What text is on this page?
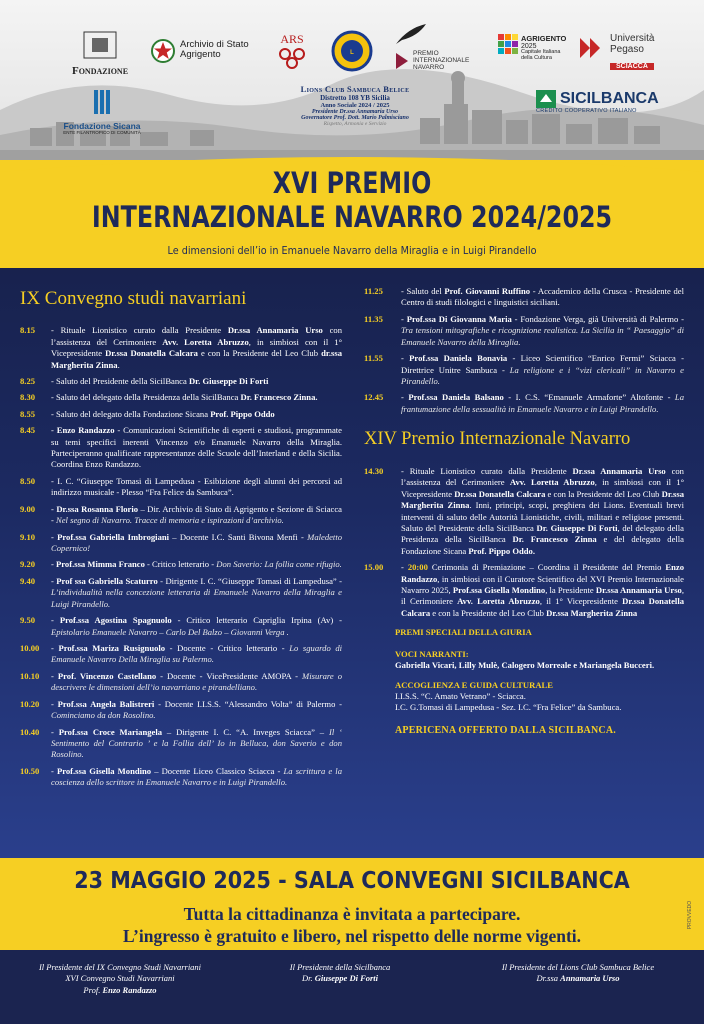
Fondazione
Fondazione Sicana
ENTE FILANTROPICO DI COMUNITÀ
Archivio di Stato
Agrigento
ARS
L	PREMIO
INTERNAZIONALE
NAVARRO
AGRIGENTO
2025
Capitale Italiana
della Cultura
Università
Pegaso
SCIACCA
SICILBANCA
CREDITO COOPERATIVO ITALIANO
Lions Club Sambuca Belice
Distretto 108 YB Sicilia
Anno Sociale 2024 / 2025
Presidente Dr.ssa Annamaria Urso
Governatore Prof. Dott. Mario Palmisciano
Rispetto, Armonia e Servizio
XVI PREMIO
INTERNAZIONALE NAVARRO 2024/2025
Le dimensioni dell’io in Emanuele Navarro della Miraglia e in Luigi Pirandello
IX Convegno studi navarriani
8.15	- Rituale Lionistico curato dalla Presidente Dr.ssa Annamaria Urso con l’assistenza del Cerimoniere Avv. Loretta Abruzzo, in simbiosi con il 1° Vicepresidente Dr.ssa Donatella Calcara e con la Presidente del Leo Club dr.ssa Margherita Zinna.
8.25	- Saluto del Presidente della SicilBanca Dr. Giuseppe Di Forti
8.30	- Saluto del delegato della Presidenza della SicilBanca Dr. Francesco Zinna.
8.55	- Saluto del delegato della Fondazione Sicana Prof. Pippo Oddo
8.45	- Enzo Randazzo - Comunicazioni Scientifiche di esperti e studiosi, programmate su temi specifici inerenti Vincenzo e/o Emanuele Navarro della Miraglia. Parteciperanno qualificate rappresentanze delle Scuole dell’Interland e della Sicilia. Coordina Enzo Randazzo.
8.50	- I. C. “Giuseppe Tomasi di Lampedusa - Esibizione degli alunni dei percorsi ad indirizzo musicale - Plesso “Fra Felice da Sambuca”.
9.00	- Dr.ssa Rosanna Florio – Dir. Archivio di Stato di Agrigento e Sezione di Sciacca - Nel segno di Navarro. Tracce di memoria e ispirazioni d’archivio.
9.10	- Prof.ssa Gabriella Imbrogiani – Docente I.C. Santi Bivona Menfi - Maledetto Copernico!
9.20	- Prof.ssa Mimma Franco - Critico letterario - Don Saverio: La follia come rifugio.
9.40	- Prof ssa Gabriella Scaturro - Dirigente I. C. “Giuseppe Tomasi di Lampedusa” - L’individualità nella concezione letteraria di Emanuele Navarro della Miraglia e Luigi Pirandello.
9.50	- Prof.ssa Agostina Spagnuolo - Critico letterario Capriglia Irpina (Av) - Epistolario Emanuele Navarro – Carlo Del Balzo – Giovanni Verga .
10.00	- Prof.ssa Mariza Rusignuolo - Docente - Critico letterario - Lo sguardo di Emanuele Navarro Della Miraglia su Palermo.
10.10	- Prof. Vincenzo Castellano - Docente - VicePresidente AMOPA - Misurare o descrivere le dimensioni dell’io navarriano e pirandelliano.
10.20	- Prof.ssa Angela Balistreri - Docente I.I.S.S. “Alessandro Volta” di Palermo - Cominciamo da don Rosolino.
10.40	- Prof.ssa Croce Mariangela – Dirigente I. C. “A. Inveges Sciacca” – Il ‘ Sentimento del Contrario ’ e la Follia dell’ Io in Belluca, don Saverio e don Rosolino.
10.50	- Prof.ssa Gisella Mondino – Docente Liceo Classico Sciacca - La scrittura e la coscienza dello scrittore in Emanuele Navarro e in Luigi Pirandello.
11.25	- Saluto del Prof. Giovanni Ruffino - Accademico della Crusca - Presidente del Centro di studi filologici e linguistici siciliani.
11.35	- Prof.ssa Di Giovanna Maria - Fondazione Verga, già Università di Palermo - Tra tensioni mitografiche e ricognizione realistica. La Sicilia in “ Paesaggio” di Emanuele Navarro della Miraglia.
11.55	- Prof.ssa Daniela Bonavia - Liceo Scientifico “Enrico Fermi” Sciacca - Direttrice Unitre Sambuca - La religione e i “vizi clericali” in Navarro e Pirandello.
12.45	- Prof.ssa Daniela Balsano - I. C.S. “Emanuele Armaforte” Altofonte - La frantumazione della sessualità in Emanuele Navarro e in Luigi Pirandello.
XIV Premio Internazionale Navarro
14.30	- Rituale Lionistico curato dalla Presidente Dr.ssa Annamaria Urso con l’assistenza del Cerimoniere Avv. Loretta Abruzzo, in simbiosi con il 1° Vicepresidente Dr.ssa Donatella Calcara e con la Presidente del Leo Club Dr.ssa Margherita Zinna. Inni, principi, scopi, preghiera dei Lions. Eventuali brevi interventi di saluto delle Autorità Lionistiche, civili, militari e religiose presenti. Saluto del Presidente della SicilBanca Dr. Giuseppe Di Forti, del delegato della Presidenza della SicilBanca Dr. Francesco Zinna e del delegato della Fondazione Sicana Prof. Pippo Oddo.
15.00	- 20:00 Cerimonia di Premiazione – Coordina il Presidente del Premio Enzo Randazzo, in simbiosi con il Curatore Scientifico del XVI Premio Internazionale Navarro 2025, Prof.ssa Gisella Mondino, la Presidente Dr.ssa Annamaria Urso, il Cerimoniere Avv. Loretta Abruzzo, il 1° Vicepresidente Dr.ssa Donatella Calcara e con la Presidente del Leo Club Dr.ssa Margherita Zinna
PREMI SPECIALI DELLA GIURIA
VOCI NARRANTI:
Gabriella Vicari, Lilly Mulè, Calogero Morreale e Mariangela Bucceri.
ACCOGLIENZA E GUIDA CULTURALE
I.I.S.S. “C. Amato Vetrano” - Sciacca.
I.C. G.Tomasi di Lampedusa - Sez. I.C. “Fra Felice” da Sambuca.
APERICENA OFFERTO DALLA SICILBANCA.
23 MAGGIO 2025 - SALA CONVEGNI SICILBANCA
Tutta la cittadinanza è invitata a partecipare.
L’ingresso è gratuito e libero, nel rispetto delle norme vigenti.
PROVVEDO
Il Presidente del IX Convegno Studi Navarriani
XVI Convegno Studi Navarriani
Prof. Enzo Randazzo
Il Presidente della Sicilbanca
Dr. Giuseppe Di Forti
Il Presidente del Lions Club Sambuca Belice
Dr.ssa Annamaria Urso
